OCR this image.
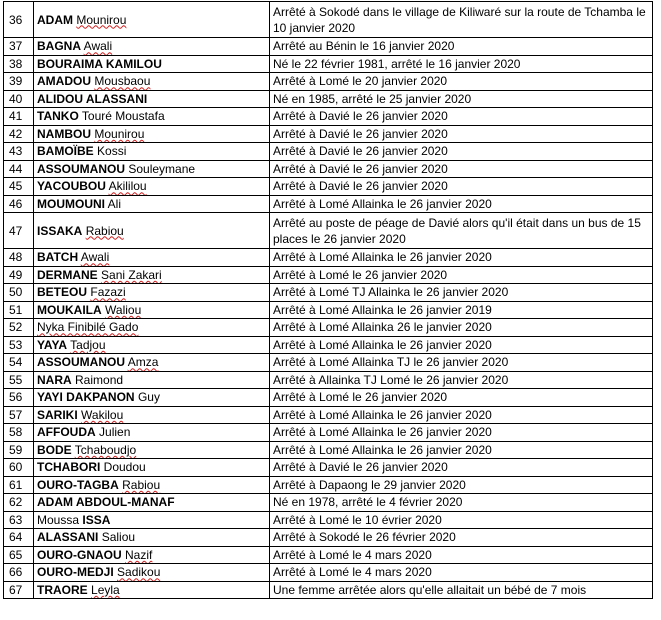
36	ADAM Mounirou	Arrêté à Sokodé dans le village de Kiliwaré sur la route de Tchamba le 10 janvier 2020
37	BAGNA Awali	Arrêté au Bénin le 16 janvier 2020
38	BOURAIMA KAMILOU	Né le 22 février 1981, arrêté le 16 janvier 2020
39	AMADOU Mousbaou	Arrêté à Lomé le 20 janvier 2020
40	ALIDOU ALASSANI	Né en 1985, arrêté le 25 janvier 2020
41	TANKO Touré Moustafa	Arrêté à Davié le 26 janvier 2020
42	NAMBOU Mounirou	Arrêté à Davié le 26 janvier 2020
43	BAMOÏBE Kossi	Arrêté à Davié le 26 janvier 2020
44	ASSOUMANOU Souleymane	Arrêté à Davié le 26 janvier 2020
45	YACOUBOU Akililou	Arrêté à Davié le 26 janvier 2020
46	MOUMOUNI Ali	Arrêté à Lomé Allainka le 26 janvier 2020
47	ISSAKA Rabiou	Arrêté au poste de péage de Davié alors qu'il était dans un bus de 15 places le 26 janvier 2020
48	BATCH Awali	Arrêté à Lomé Allainka le 26 janvier 2020
49	DERMANE Sani Zakari	Arrêté à Lomé le 26 janvier 2020
50	BETEOU Fazazi	Arrêté à Lomé TJ Allainka le 26 janvier 2020
51	MOUKAILA Waliou	Arrêté à Lomé Allainka le 26 janvier 2019
52	Nyka Finibilé Gado	Arrêté à Lomé Allainka 26 le janvier 2020
53	YAYA Tadjou	Arrêté à Lomé Allainka le 26 janvier 2020
54	ASSOUMANOU Amza	Arrêté à Lomé Allainka TJ le 26 janvier 2020
55	NARA Raimond	Arrêté à Allainka TJ Lomé le 26 janvier 2020
56	YAYI DAKPANON Guy	Arrêté à Lomé le 26 janvier 2020
57	SARIKI Wakilou	Arrêté à Lomé Allainka le 26 janvier 2020
58	AFFOUDA Julien	Arrêté à Lomé Allainka le 26 janvier 2020
59	BODE Tchaboudjo	Arrêté à Lomé Allainka le 26 janvier 2020
60	TCHABORI Doudou	Arrêté à Davié le 26 janvier 2020
61	OURO-TAGBA Rabiou	Arrêté à Dapaong le 29 janvier 2020
62	ADAM ABDOUL-MANAF	Né en 1978, arrêté le 4 février 2020
63	Moussa ISSA	Arrêté à Lomé le 10 évrier 2020
64	ALASSANI Saliou	Arrêté à Sokodé le 26 février 2020
65	OURO-GNAOU Nazif	Arrêté à Lomé le 4 mars 2020
66	OURO-MEDJI Sadikou	Arrêté à Lomé le 4 mars 2020
67	TRAORE Leyla	Une femme arrêtée alors qu'elle allaitait un bébé de 7 mois
